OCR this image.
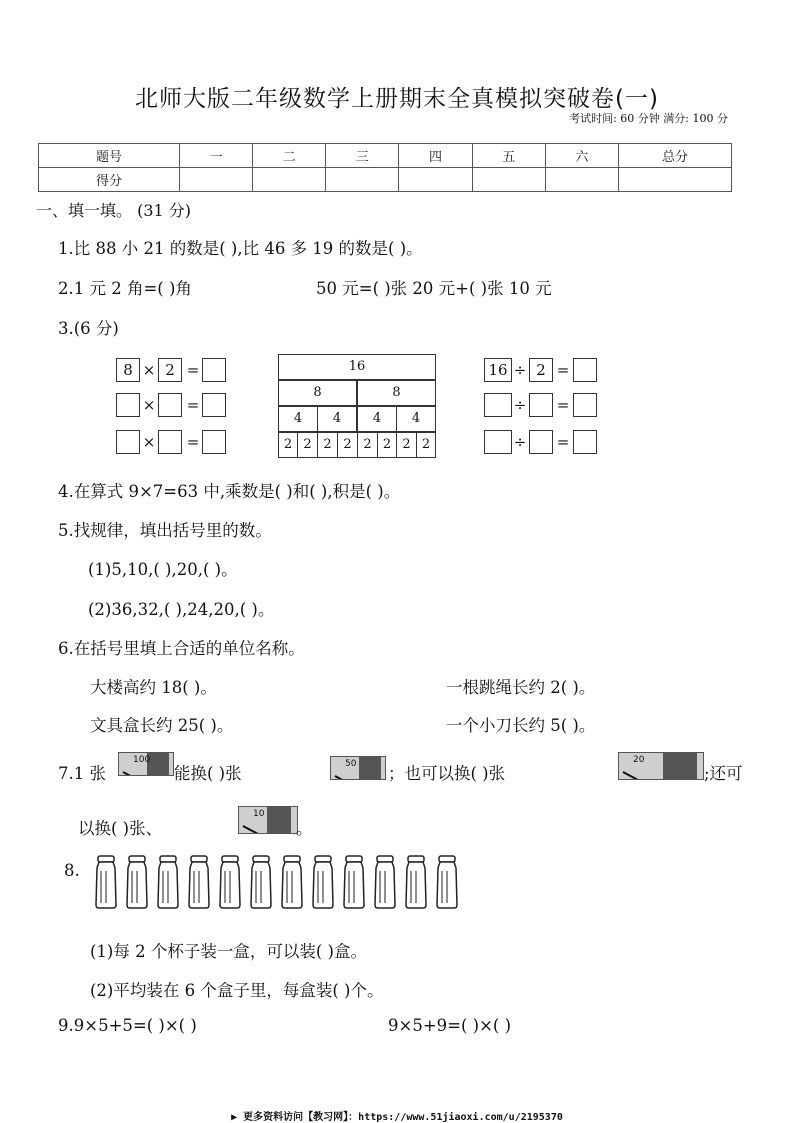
北师大版二年级数学上册期末全真模拟突破卷(一)
考试时间: 60 分钟 满分: 100 分
题号	一	二	三	四	五	六	总分
得分							
一、填一填。 (31 分)
1.比 88 小 21 的数是( ),比 46 多 19 的数是( )。
2.1 元 2 角=( )角	50 元=( )张 20 元+( )张 10 元
3.(6 分)
8 × 2 =
× =
× =
16
8	8
4	4	4	4
2 2 2 2 2 2 2 2
16 ÷ 2 =
÷ =
÷ =
4.在算式 9×7=63 中,乘数是( )和( ),积是( )。
5.找规律，填出括号里的数。
(1)5,10,( ),20,( )。
(2)36,32,( ),24,20,( )。
6.在括号里填上合适的单位名称。
大楼高约 18( )。	一根跳绳长约 2( )。
文具盒长约 25( )。	一个小刀长约 5( )。
7.1 张
100
能换( )张	50 ；也可以换( )张
20
;还可
以换( )张、
10
。
8.
(1)每 2 个杯子装一盒，可以装( )盒。
(2)平均装在 6 个盒子里，每盒装( )个。
9.9×5+5=( )×( )	9×5+9=( )×( )
▶ 更多资料访问【教习网】：https://www.51jiaoxi.com/u/2195370
